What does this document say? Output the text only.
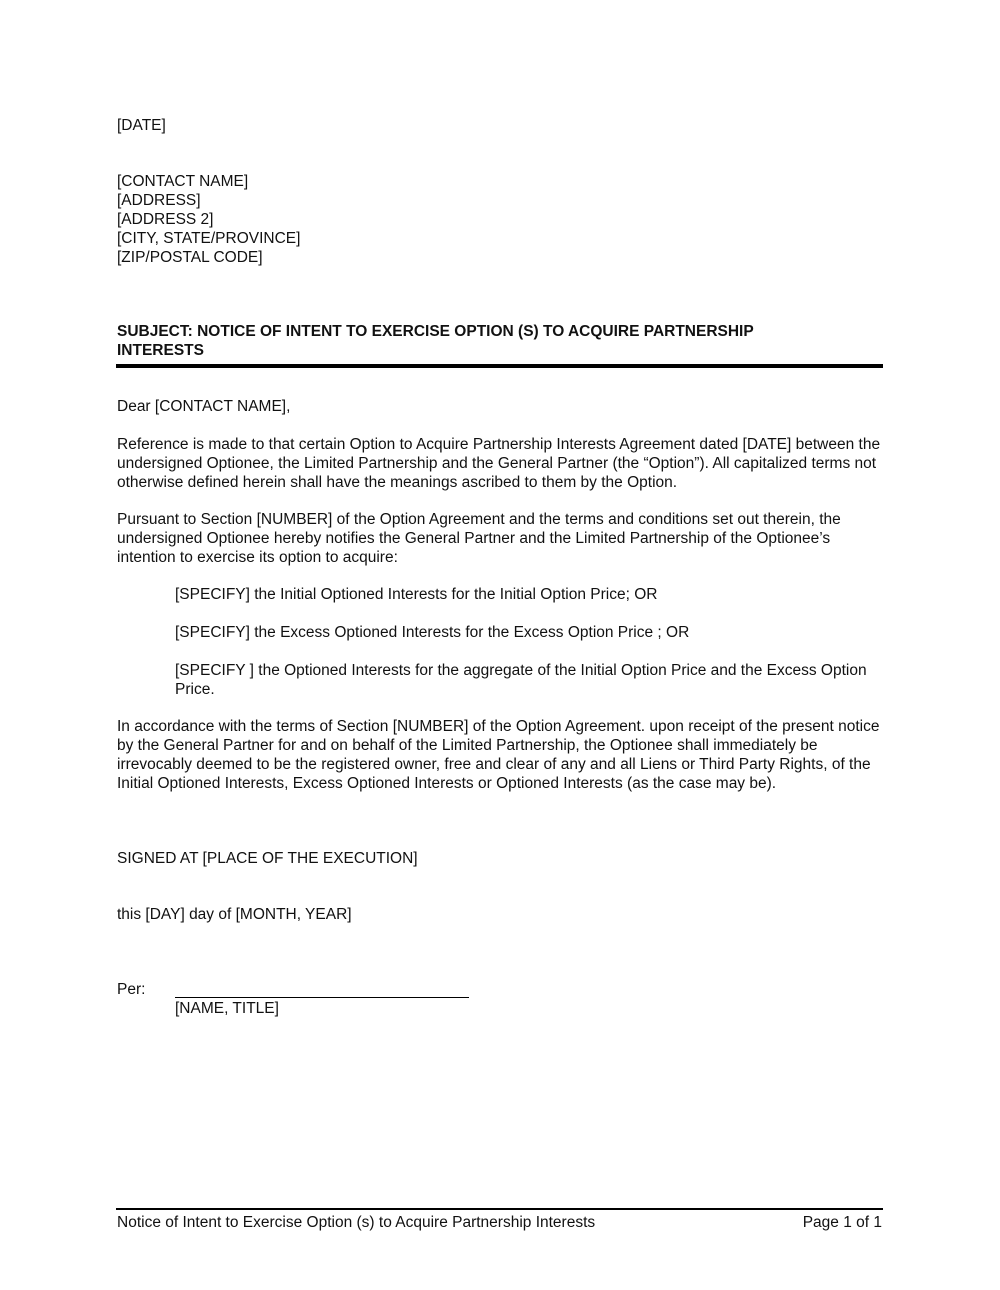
[DATE]
[CONTACT NAME]
[ADDRESS]
[ADDRESS 2]
[CITY, STATE/PROVINCE]
[ZIP/POSTAL CODE]
SUBJECT: NOTICE OF INTENT TO EXERCISE OPTION (S) TO ACQUIRE PARTNERSHIP
INTERESTS
Dear [CONTACT NAME],
Reference is made to that certain Option to Acquire Partnership Interests Agreement dated [DATE] between the undersigned Optionee, the Limited Partnership and the General Partner (the “Option”). All capitalized terms not otherwise defined herein shall have the meanings ascribed to them by the Option.
Pursuant to Section [NUMBER] of the Option Agreement and the terms and conditions set out therein, the undersigned Optionee hereby notifies the General Partner and the Limited Partnership of the Optionee’s intention to exercise its option to acquire:
[SPECIFY] the Initial Optioned Interests for the Initial Option Price; OR
[SPECIFY] the Excess Optioned Interests for the Excess Option Price ; OR
[SPECIFY ] the Optioned Interests for the aggregate of the Initial Option Price and the Excess Option Price.
In accordance with the terms of Section [NUMBER] of the Option Agreement. upon receipt of the present notice by the General Partner for and on behalf of the Limited Partnership, the Optionee shall immediately be irrevocably deemed to be the registered owner, free and clear of any and all Liens or Third Party Rights, of the Initial Optioned Interests, Excess Optioned Interests or Optioned Interests (as the case may be).
SIGNED AT [PLACE OF THE EXECUTION]
this [DAY] day of [MONTH, YEAR]
Per:
[NAME, TITLE]
Notice of Intent to Exercise Option (s) to Acquire Partnership Interests	Page 1 of 1
